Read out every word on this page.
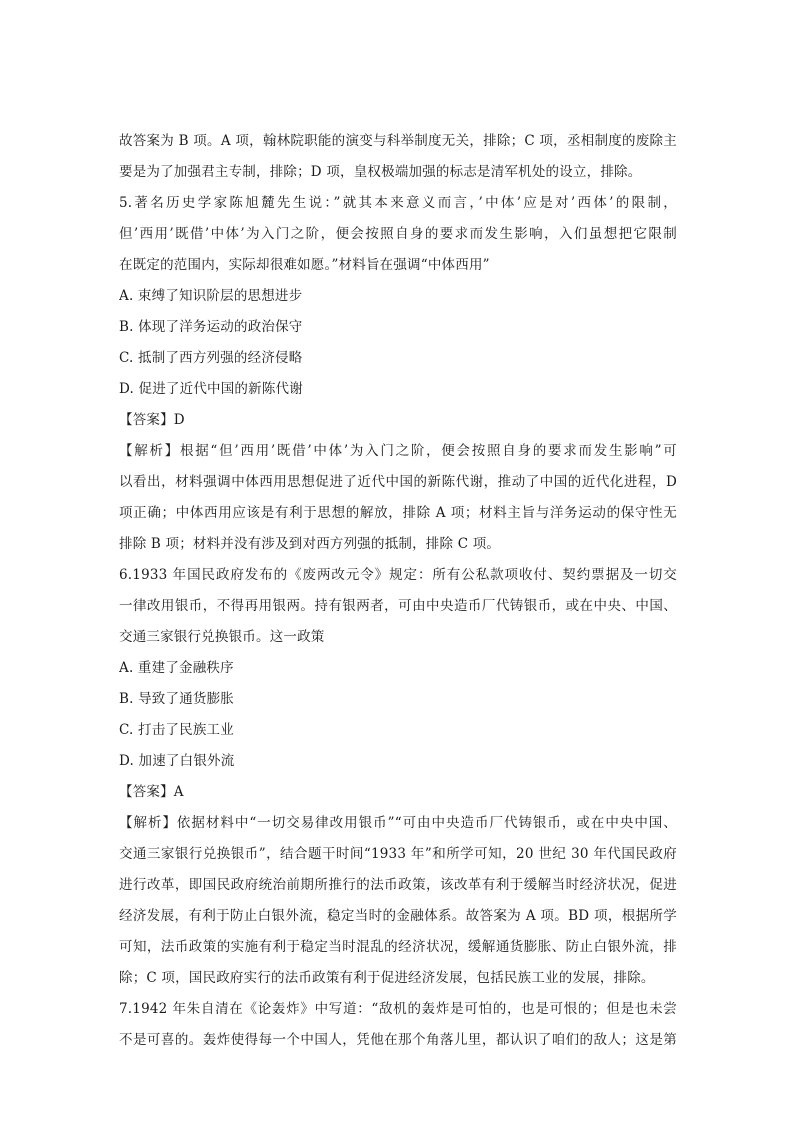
故答案为 B 项。A 项，翰林院职能的演变与科举制度无关，排除；C 项，丞相制度的废除主
要是为了加强君主专制，排除；D 项，皇权极端加强的标志是清军机处的设立，排除。
5.著名历史学家陈旭麓先生说：”就其本来意义而言，’中体’应是对’西体’的限制，
但’西用’既借’中体’为入门之阶，便会按照自身的要求而发生影响，入们虽想把它限制
在既定的范围内，实际却很难如愿。”材料旨在强调“中体西用”
A. 束缚了知识阶层的思想进步
B. 体现了洋务运动的政治保守
C. 抵制了西方列强的经济侵略
D. 促进了近代中国的新陈代谢
【答案】D
【解析】根据“但’西用’既借’中体’为入门之阶，便会按照自身的要求而发生影响”可
以看出，材料强调中体西用思想促进了近代中国的新陈代谢，推动了中国的近代化进程，D
项正确；中体西用应该是有利于思想的解放，排除 A 项；材料主旨与洋务运动的保守性无
排除 B 项；材料并没有涉及到对西方列强的抵制，排除 C 项。
6.1933 年国民政府发布的《废两改元令》规定：所有公私款项收付、契约票据及一切交
一律改用银币，不得再用银两。持有银两者，可由中央造币厂代铸银币，或在中央、中国、
交通三家银行兑换银币。这一政策
A. 重建了金融秩序
B. 导致了通货膨胀
C. 打击了民族工业
D. 加速了白银外流
【答案】A
【解析】依据材料中“一切交易律改用银币”“可由中央造币厂代铸银币，或在中央中国、
交通三家银行兑换银币”，结合题干时间“1933 年”和所学可知，20 世纪 30 年代国民政府
进行改革，即国民政府统治前期所推行的法币政策，该改革有利于缓解当时经济状况，促进
经济发展，有利于防止白银外流，稳定当时的金融体系。故答案为 A 项。BD 项，根据所学
可知，法币政策的实施有利于稳定当时混乱的经济状况，缓解通货膨胀、防止白银外流，排
除；C 项，国民政府实行的法币政策有利于促进经济发展，包括民族工业的发展，排除。
7.1942 年朱自清在《论轰炸》中写道：“敌机的轰炸是可怕的，也是可恨的；但是也未尝
不是可喜的。轰炸使得每一个中国人，凭他在那个角落儿里，都认识了咱们的敌人；这是第
